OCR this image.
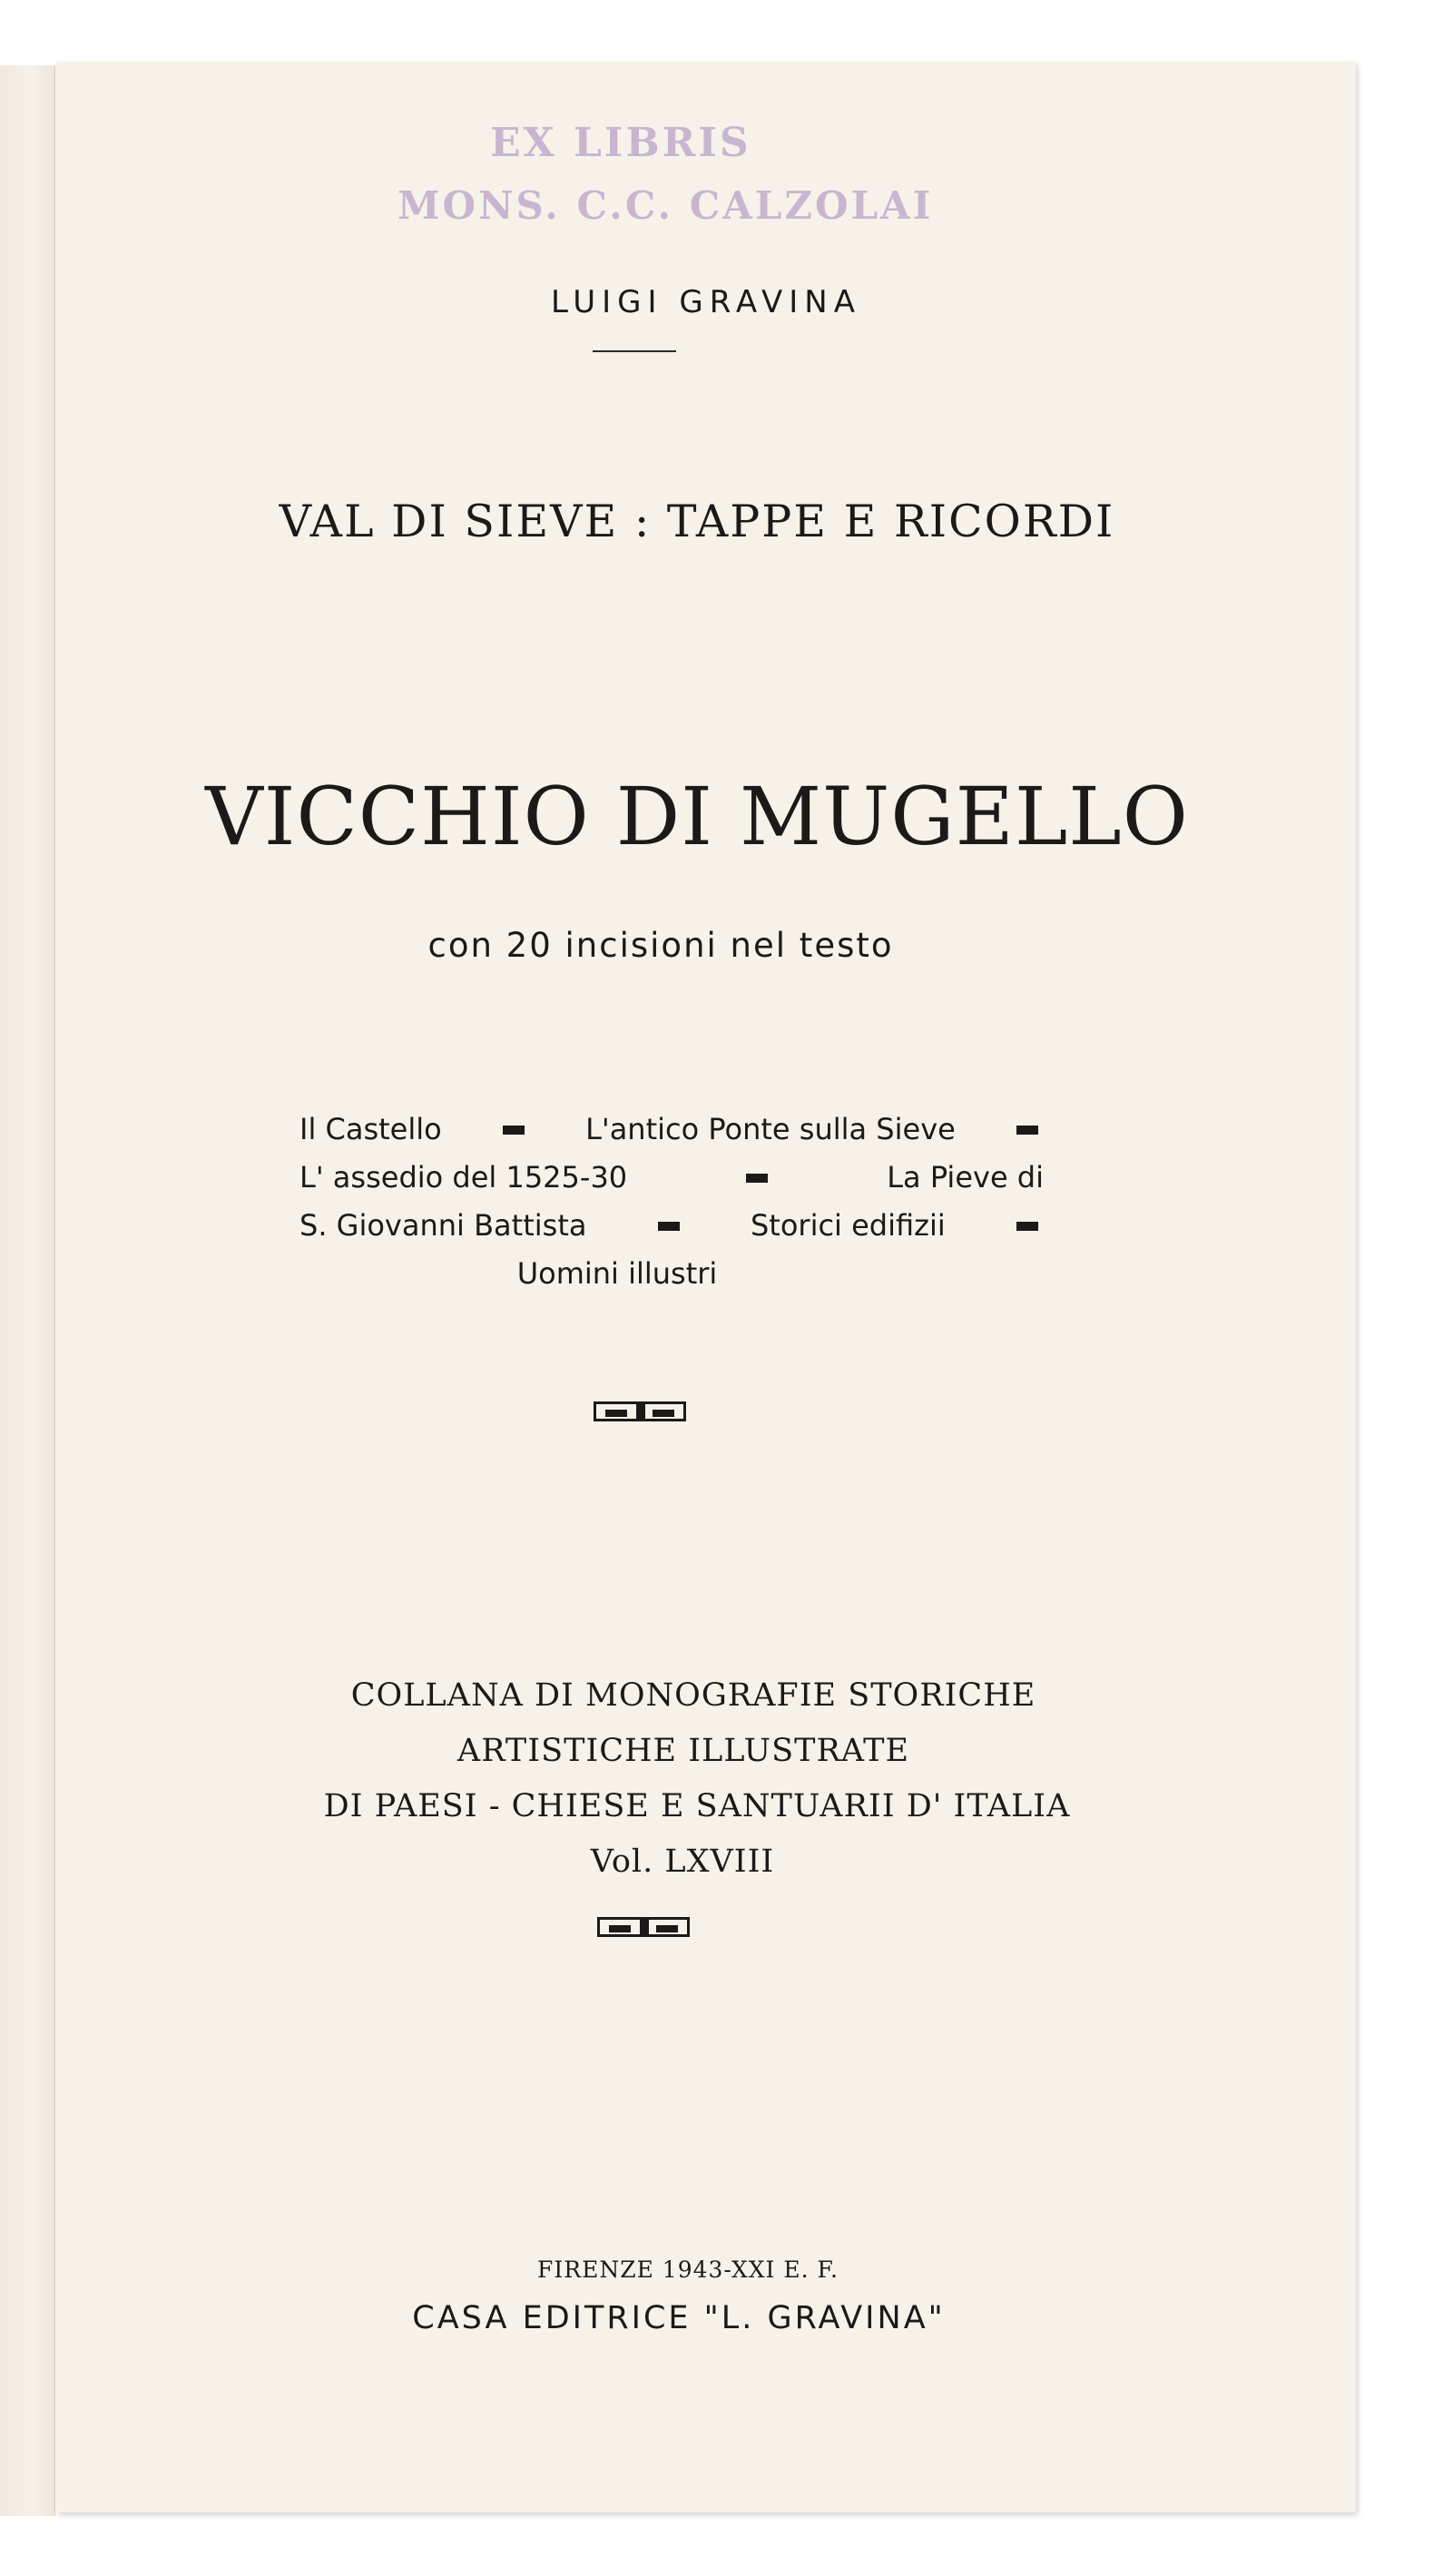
EX LIBRIS
MONS. C.C. CALZOLAI
LUIGI GRAVINA
VAL DI SIEVE : TAPPE E RICORDI
VICCHIO DI MUGELLO
con 20 incisioni nel testo
Il Castello	L'antico Ponte sulla Sieve
L' assedio del 1525-30	La Pieve di
S. Giovanni Battista	Storici edifizii
Uomini illustri
COLLANA DI MONOGRAFIE STORICHE
ARTISTICHE ILLUSTRATE
DI PAESI - CHIESE E SANTUARII D' ITALIA
Vol. LXVIII
FIRENZE 1943-XXI E. F.
CASA EDITRICE "L. GRAVINA"
